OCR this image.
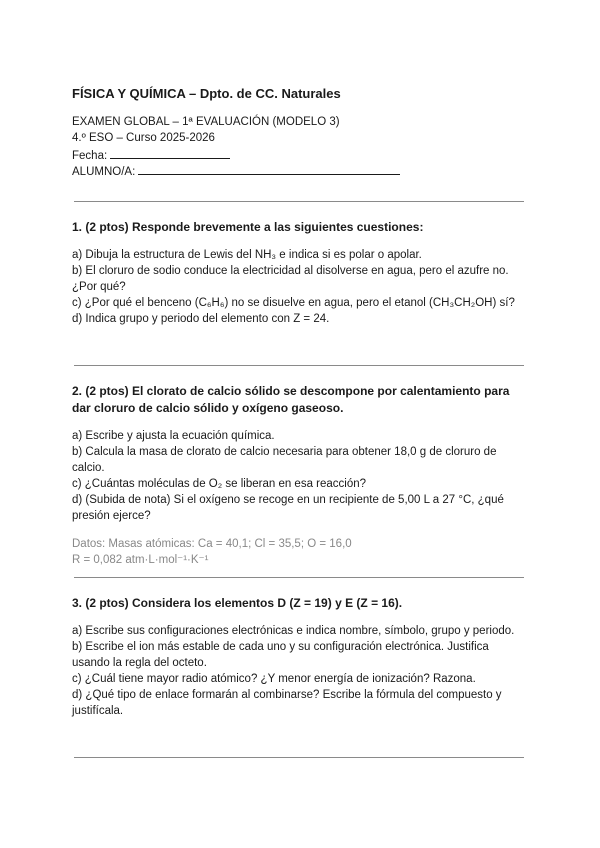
FÍSICA Y QUÍMICA – Dpto. de CC. Naturales
EXAMEN GLOBAL – 1ª EVALUACIÓN (MODELO 3)
4.º ESO – Curso 2025-2026
Fecha:
ALUMNO/A:
1. (2 ptos) Responde brevemente a las siguientes cuestiones:

a) Dibuja la estructura de Lewis del NH₃ e indica si es polar o apolar.

b) El cloruro de sodio conduce la electricidad al disolverse en agua, pero el azufre no. ¿Por qué?

c) ¿Por qué el benceno (C₆H₆) no se disuelve en agua, pero el etanol (CH₃CH₂OH) sí?

d) Indica grupo y periodo del elemento con Z = 24.

2. (2 ptos) El clorato de calcio sólido se descompone por calentamiento para dar cloruro de calcio sólido y oxígeno gaseoso.

a) Escribe y ajusta la ecuación química.

b) Calcula la masa de clorato de calcio necesaria para obtener 18,0 g de cloruro de calcio.

c) ¿Cuántas moléculas de O₂ se liberan en esa reacción?

d) (Subida de nota) Si el oxígeno se recoge en un recipiente de 5,00 L a 27 °C, ¿qué presión ejerce?

Datos: Masas atómicas: Ca = 40,1; Cl = 35,5; O = 16,0

R = 0,082 atm·L·mol⁻¹·K⁻¹

3. (2 ptos) Considera los elementos D (Z = 19) y E (Z = 16).

a) Escribe sus configuraciones electrónicas e indica nombre, símbolo, grupo y periodo.

b) Escribe el ion más estable de cada uno y su configuración electrónica. Justifica usando la regla del octeto.

c) ¿Cuál tiene mayor radio atómico? ¿Y menor energía de ionización? Razona.

d) ¿Qué tipo de enlace formarán al combinarse? Escribe la fórmula del compuesto y justifícala.
